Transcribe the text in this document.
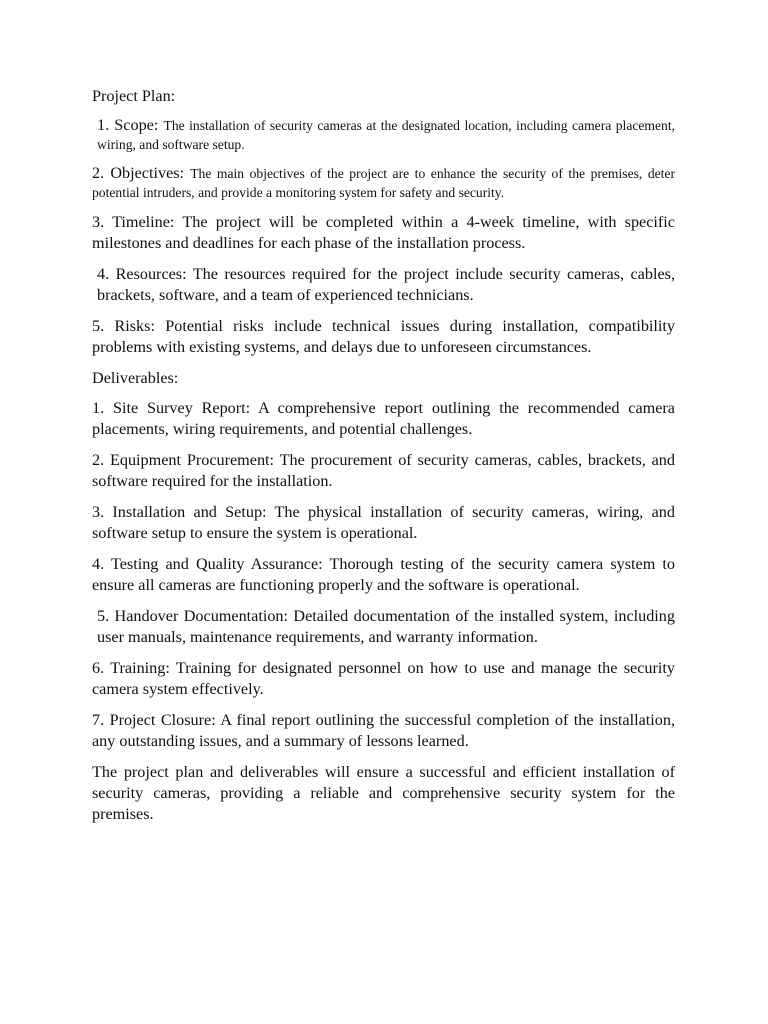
Project Plan:

1. Scope: The installation of security cameras at the designated location, including camera placement, wiring, and software setup.

2. Objectives: The main objectives of the project are to enhance the security of the premises, deter potential intruders, and provide a monitoring system for safety and security.

3. Timeline: The project will be completed within a 4-week timeline, with specific milestones and deadlines for each phase of the installation process.

4. Resources: The resources required for the project include security cameras, cables, brackets, software, and a team of experienced technicians.

5. Risks: Potential risks include technical issues during installation, compatibility problems with existing systems, and delays due to unforeseen circumstances.

Deliverables:

1. Site Survey Report: A comprehensive report outlining the recommended camera placements, wiring requirements, and potential challenges.

2. Equipment Procurement: The procurement of security cameras, cables, brackets, and software required for the installation.

3. Installation and Setup: The physical installation of security cameras, wiring, and software setup to ensure the system is operational.

4. Testing and Quality Assurance: Thorough testing of the security camera system to ensure all cameras are functioning properly and the software is operational.

5. Handover Documentation: Detailed documentation of the installed system, including user manuals, maintenance requirements, and warranty information.

6. Training: Training for designated personnel on how to use and manage the security camera system effectively.

7. Project Closure: A final report outlining the successful completion of the installation, any outstanding issues, and a summary of lessons learned.

The project plan and deliverables will ensure a successful and efficient installation of security cameras, providing a reliable and comprehensive security system for the premises.
